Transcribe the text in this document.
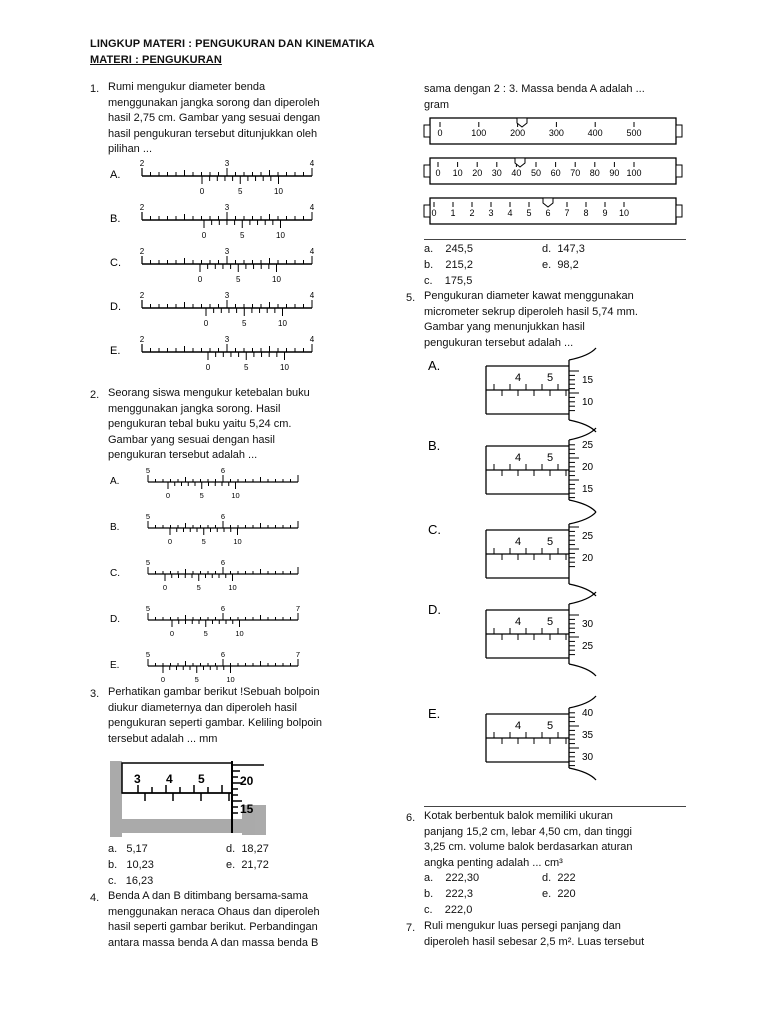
LINGKUP MATERI : PENGUKURAN DAN KINEMATIKA
MATERI : PENGUKURAN
1. Rumi mengukur diameter benda
menggunakan jangka sorong dan diperoleh
hasil 2,75 cm. Gambar yang sesuai dengan
hasil pengukuran tersebut ditunjukkan oleh
pilihan ...
A.
2	3	4
0	5	10
B.
2	3	4
0	5	10
C.
2	3	4
0	5	10
D.
2	3	4
0	5	10
E.
2	3	4
0	5	10
2. Seorang siswa mengukur ketebalan buku
menggunakan jangka sorong. Hasil
pengukuran tebal buku yaitu 5,24 cm.
Gambar yang sesuai dengan hasil
pengukuran tersebut adalah ...
A.
5	6
0	5	10
B.
5	6
0	5	10
C.
5	6
0	5	10
D.
5	6	7
0	5	10
E.
5	6	7
0	5	10
3. Perhatikan gambar berikut !Sebuah bolpoin
diukur diameternya dan diperoleh hasil
pengukuran seperti gambar. Keliling bolpoin
tersebut adalah ... mm
3 4 5	20
15
a. 5,17	d. 18,27
b. 10,23	e. 21,72
c. 16,23
4. Benda A dan B ditimbang bersama-sama
menggunakan neraca Ohaus dan diperoleh
hasil seperti gambar berikut. Perbandingan
antara massa benda A dan massa benda B
sama dengan 2 : 3. Massa benda A adalah ...
gram
0	100	200	300	400	500
0 10 20 30 40 50 60 70 80 90 100
0 1 2 3 4 5 6 7 8 9 10
a. 245,5	d. 147,3
b. 215,2	e. 98,2
c. 175,5
5. Pengukuran diameter kawat menggunakan
micrometer sekrup diperoleh hasil 5,74 mm.
Gambar yang menunjukkan hasil
pengukuran tersebut adalah ...
A.
4 5	15
10
B.
4 5
25
20
15
C.
4 5	25
20
D.
4 5	30
25
E.
4 5
40
35
30
6. Kotak berbentuk balok memiliki ukuran
panjang 15,2 cm, lebar 4,50 cm, dan tinggi
3,25 cm. volume balok berdasarkan aturan
angka penting adalah ... cm³
a. 222,30	d. 222
b. 222,3	e. 220
c. 222,0
7. Ruli mengukur luas persegi panjang dan
diperoleh hasil sebesar 2,5 m². Luas tersebut
